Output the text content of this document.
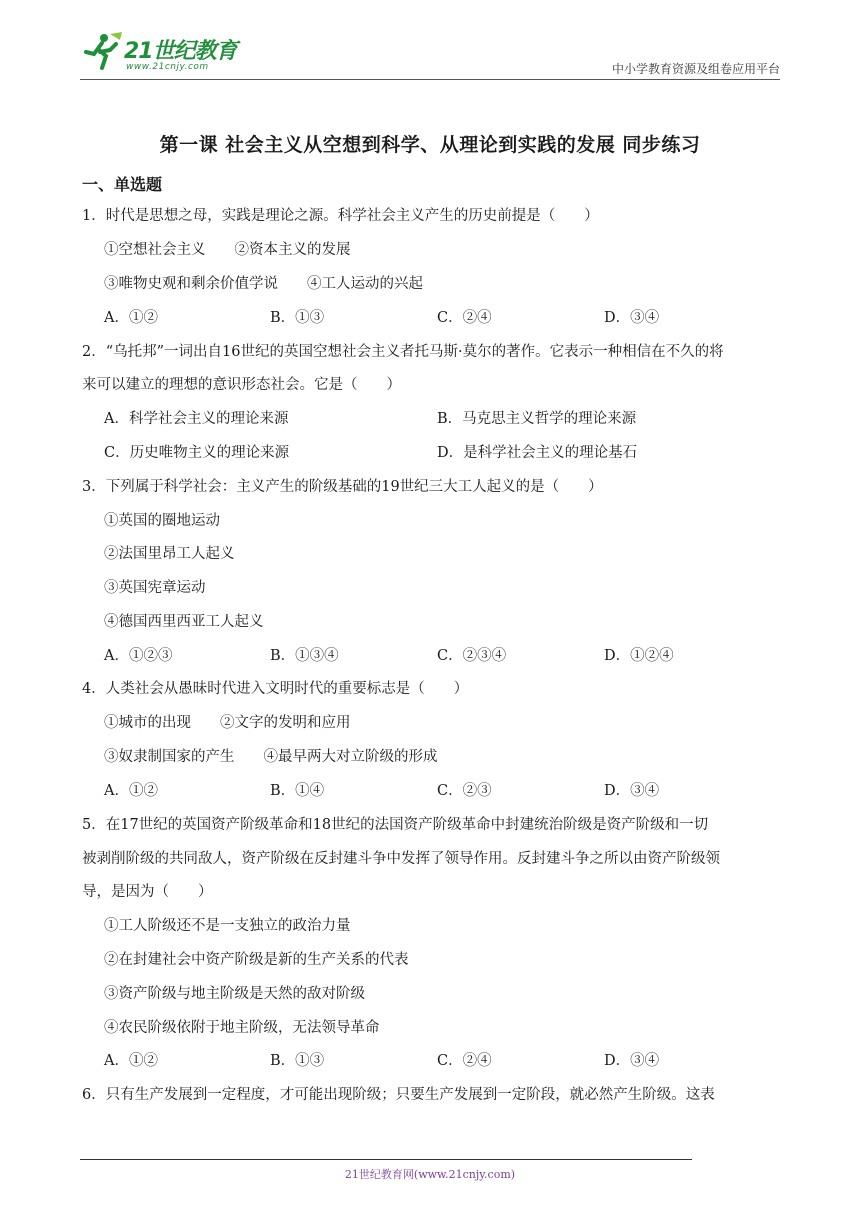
21世纪教育
www.21cnjy.com	中小学教育资源及组卷应用平台
第一课 社会主义从空想到科学、从理论到实践的发展 同步练习
一、单选题
1．时代是思想之母，实践是理论之源。科学社会主义产生的历史前提是（　　）
①空想社会主义　　②资本主义的发展
③唯物史观和剩余价值学说　　④工人运动的兴起
A．①②	B．①③	C．②④	D．③④
2．“乌托邦”一词出自16世纪的英国空想社会主义者托马斯·莫尔的著作。它表示一种相信在不久的将
来可以建立的理想的意识形态社会。它是（　　）
A．科学社会主义的理论来源	B．马克思主义哲学的理论来源
C．历史唯物主义的理论来源	D．是科学社会主义的理论基石
3．下列属于科学社会：主义产生的阶级基础的19世纪三大工人起义的是（　　）
①英国的圈地运动
②法国里昂工人起义
③英国宪章运动
④德国西里西亚工人起义
A．①②③	B．①③④	C．②③④	D．①②④
4．人类社会从愚昧时代进入文明时代的重要标志是（　　）
①城市的出现　　②文字的发明和应用
③奴隶制国家的产生　　④最早两大对立阶级的形成
A．①②	B．①④	C．②③	D．③④
5．在17世纪的英国资产阶级革命和18世纪的法国资产阶级革命中封建统治阶级是资产阶级和一切
被剥削阶级的共同敌人，资产阶级在反封建斗争中发挥了领导作用。反封建斗争之所以由资产阶级领
导，是因为（　　）
①工人阶级还不是一支独立的政治力量
②在封建社会中资产阶级是新的生产关系的代表
③资产阶级与地主阶级是天然的敌对阶级
④农民阶级依附于地主阶级，无法领导革命
A．①②	B．①③	C．②④	D．③④
6．只有生产发展到一定程度，才可能出现阶级；只要生产发展到一定阶段，就必然产生阶级。这表
21世纪教育网(www.21cnjy.com)
